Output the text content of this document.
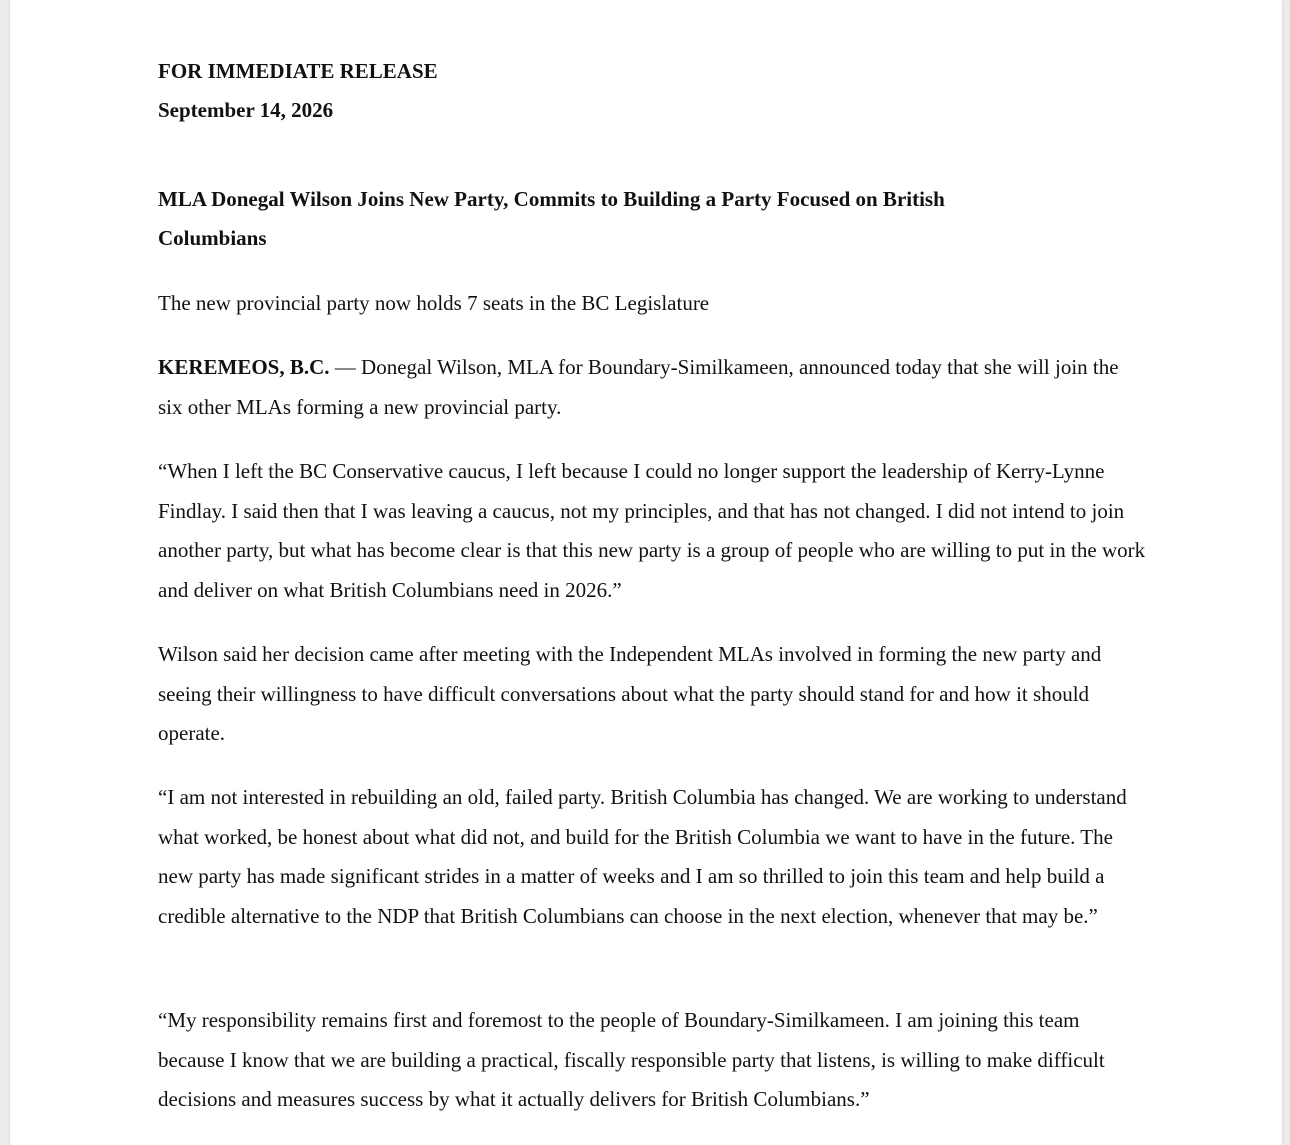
FOR IMMEDIATE RELEASE

September 14, 2026

MLA Donegal Wilson Joins New Party, Commits to Building a Party Focused on British Columbians

The new provincial party now holds 7 seats in the BC Legislature

KEREMEOS, B.C. — Donegal Wilson, MLA for Boundary-Similkameen, announced today that she will join the six other MLAs forming a new provincial party.

“When I left the BC Conservative caucus, I left because I could no longer support the leadership of Kerry-Lynne Findlay. I said then that I was leaving a caucus, not my principles, and that has not changed. I did not intend to join another party, but what has become clear is that this new party is a group of people who are willing to put in the work and deliver on what British Columbians need in 2026.”

Wilson said her decision came after meeting with the Independent MLAs involved in forming the new party and seeing their willingness to have difficult conversations about what the party should stand for and how it should operate.

“I am not interested in rebuilding an old, failed party. British Columbia has changed. We are working to understand what worked, be honest about what did not, and build for the British Columbia we want to have in the future. The new party has made significant strides in a matter of weeks and I am so thrilled to join this team and help build a credible alternative to the NDP that British Columbians can choose in the next election, whenever that may be.”

“My responsibility remains first and foremost to the people of Boundary-Similkameen. I am joining this team because I know that we are building a practical, fiscally responsible party that listens, is willing to make difficult decisions and measures success by what it actually delivers for British Columbians.”
